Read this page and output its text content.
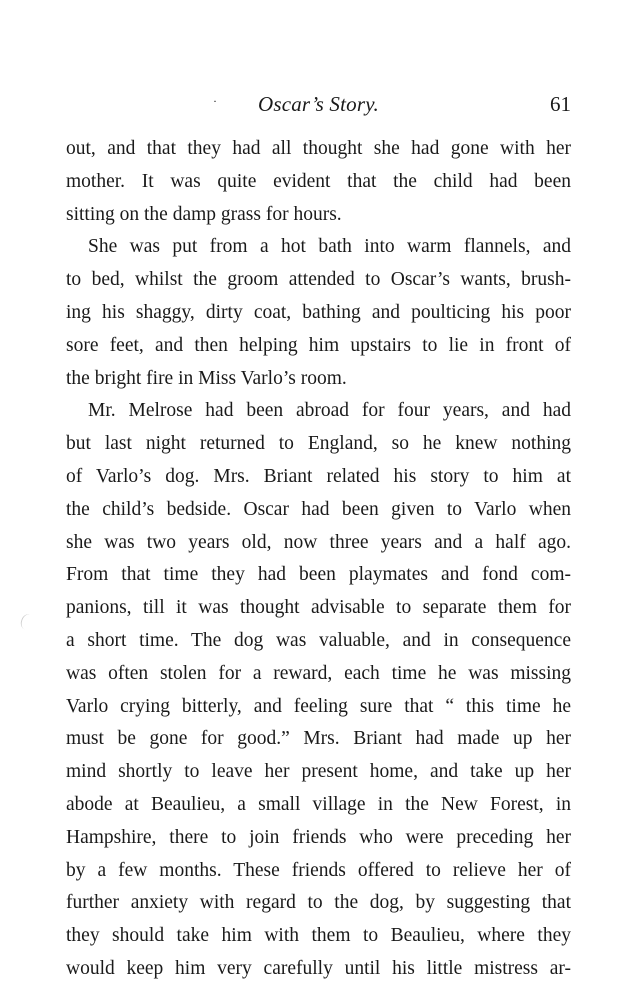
·	Oscar’s Story.	61
out, and that they had all thought she had gone with her
mother. It was quite evident that the child had been
sitting on the damp grass for hours.
She was put from a hot bath into warm flannels, and
to bed, whilst the groom attended to Oscar’s wants, brush-
ing his shaggy, dirty coat, bathing and poulticing his poor
sore feet, and then helping him upstairs to lie in front of
the bright fire in Miss Varlo’s room.
Mr. Melrose had been abroad for four years, and had
but last night returned to England, so he knew nothing
of Varlo’s dog. Mrs. Briant related his story to him at
the child’s bedside. Oscar had been given to Varlo when
she was two years old, now three years and a half ago.
From that time they had been playmates and fond com-
panions, till it was thought advisable to separate them for
a short time. The dog was valuable, and in consequence
was often stolen for a reward, each time he was missing
Varlo crying bitterly, and feeling sure that “ this time he
must be gone for good.” Mrs. Briant had made up her
mind shortly to leave her present home, and take up her
abode at Beaulieu, a small village in the New Forest, in
Hampshire, there to join friends who were preceding her
by a few months. These friends offered to relieve her of
further anxiety with regard to the dog, by suggesting that
they should take him with them to Beaulieu, where they
would keep him very carefully until his little mistress ar-
